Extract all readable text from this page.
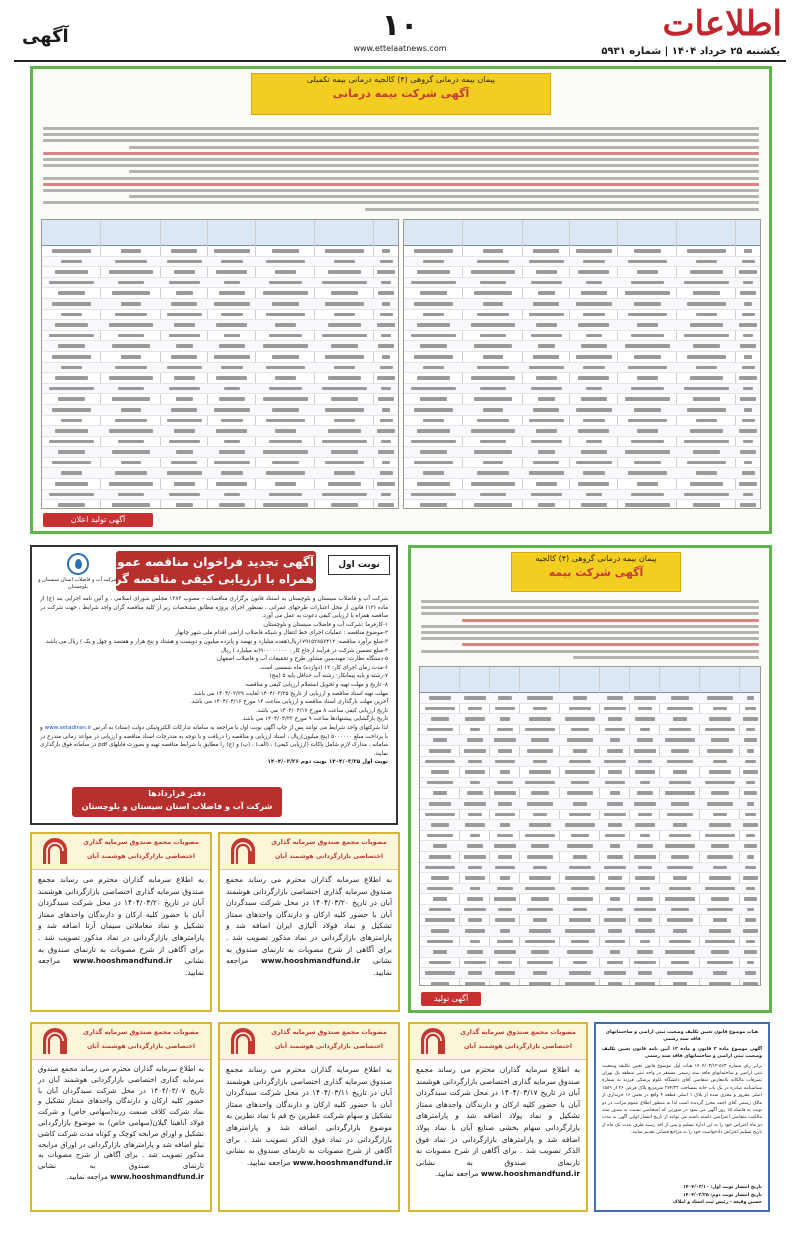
اطلاعات
۱۰
www.ettelaatnews.com
آگهی
یکشنبه ۲۵ خرداد ۱۴۰۴ | شماره ۵۹۳۱
پیمان بیمه درمانی گروهی (۴) کالجیه درمانی بیمه تکمیلی
آگهی شرکت بیمه درمانی
آگهی تولید اعلان
پیمان بیمه درمانی گروهی (۴) کالجیه
آگهی شرکت بیمه
آگهی تولید
نوبت اول
آگهی تجدید فراخوان مناقصه عمومی
همراه با ارزیابی کیفی مناقصه گران
شرکت آب و فاضلاب استان سیستان و بلوچستان

شرکت آب و فاضلاب سیستان و بلوچستان به استناد قانون برگزاری مناقصات – مصوب ۱۳۸۳ مجلس شورای اسلامی ، و آئین نامه اجرایی بند (ج) از ماده (۱۲) قانون از محل اعتبارات طرحهای عمرانی ، بمنظور اجرای پروژه مطابق مشخصات زیر از کلیه مناقصه گران واجد شرایط ، جهت شرکت در مناقصه همراه با ارزیابی کیفی دعوت به عمل می آورد.

۱-کارفرما :شرکت آب و فاضلاب سیستان و بلوچستان.

۲-موضوع مناقصه : عملیات اجرای خط انتقال و شبکه فاضلاب ازاضی اقدام ملی شهر چابهار

۳-مبلغ برآورد مناقصه: ۱۷۹۱۵۲۸۵۷۴۱۲ریال(هفده میلیارد و نهصد و پانزده میلیون و دویست و هشتاد و پنج هزار و هفتصد و چهل و یک ) ریال می باشد.

۴-مبلغ تضمین شرکت در فرآیند ارجاع کار : ۹۰۰۰۰۰۰۰۰(نه میلیارد ) ریال

۵-دستگاه نظارت: مهندسین مشاور طرح و تحقیقات آب و فاضلاب اصفهان

۶-مدت زمان اجرای کار: ۱۲ (دوازده) ماه شمسی است.

۷-رشته و پایه پیمانکار: رشته آب حداقل پایه ۵ (پنج)

۸- تاریخ و مهلت تهیه و تحویل استعلام ارزیابی کیفی و مناقصه:

مهلت تهیه اسناد مناقصه و ارزیابی از تاریخ ۱۴۰۴/۰۳/۲۵ لغایت ۱۴۰۴/۰۳/۲۹ می باشد.

آخرین مهلت بارگذاری اسناد مناقصه و ارزیابی ساعت ۱۴ مورخ ۱۴۰۴/۰۴/۱۶ می باشد.

تاریخ ارزیابی کیفی ساعت ۸ مورخ ۱۴۰۴/۰۴/۱۷ می باشد.

تاریخ بازگشایی پیشنهادها ساعت ۹ مورخ ۱۴۰۴/۰۴/۲۳ می باشد.

لذا شرکتهای واجد شرایط می توانند پس از چاپ آگهی نوبت اول با مراجعه به سامانه تدارکات الکترونیکی دولت (ستاد) به آدرس www.setadiran.ir و با پرداخت مبلغ ۵۰۰۰۰۰۰ (پنج میلیون)ریال ، اسناد ارزیابی و مناقصه را دریافت و با توجه به مندرجات اسناد مناقصه و ارزیابی در مواعد زمانی مندرج در سامانه ، مدارک لازم شامل پاکات (ارزیابی کیفی) ، (الف) ، (ب) و (ج) را مطابق با شرایط مناقصه تهیه و بصورت فایلهای pdf در سامانه فوق بارگذاری نمایند.

نوبت اول ۱۴۰۴/۰۳/۲۵ نوبت دوم ۱۴۰۴/۰۳/۲۶

دفتر قراردادها
شرکت آب و فاضلاب استان سیستان و بلوچستان
مصوبات مجمع صندوق سرمایه گذاری
اختصاصی بازارگردانی هوشمند آبان
به اطلاع سرمایه گذاران محترم می رساند مجمع صندوق سرمایه گذاری اختصاصی بازارگردانی هوشمند آبان در تاریخ ۱۴۰۴/۰۳/۲۰ در محل شرکت سبدگردان آبان با حضور کلیه ارکان و دارندگان واحدهای ممتاز تشکیل و نماد فولاد آلیاژی ایران اضافه شد و پارامترهای بازارگردانی در نماد مذکور تصویب شد . برای آگاهی از شرح مصوبات به تارنمای صندوق به نشانی www.hooshmandfund.ir مراجعه نمایید.
مصوبات مجمع صندوق سرمایه گذاری
اختصاصی بازارگردانی هوشمند آبان
به اطلاع سرمایه گذاران محترم می رساند مجمع صندوق سرمایه گذاری اختصاصی بازارگردانی هوشمند آبان در تاریخ ۱۴۰۴/۰۳/۲۰ در محل شرکت سبدگردان آبان با حضور کلیه ارکان و دارندگان واحدهای ممتاز تشکیل و نماد معاملاتی سیمان آرتا اضافه شد و پارامترهای بازارگردانی در نماد مذکور تصویب شد . برای آگاهی از شرح مصوبات به تارنمای صندوق به نشانی www.hooshmandfund.ir مراجعه نمایید.
مصوبات مجمع صندوق سرمایه گذاری
اختصاصی بازارگردانی هوشمند آبان
به اطلاع سرمایه گذاران محترم می رساند مجمع صندوق سرمایه گذاری اختصاصی بازارگردانی هوشمند آبان در تاریخ ۱۴۰۴/۰۳/۱۷ در محل شرکت سبدگردان آبان با حضور کلیه ارکان و دارندگان واحدهای ممتاز تشکیل و نماد پولاد اضافه شد و پارامترهای بازارگردانی سهام بخشی صنایع آبان با نماد پولاد اضافه شد و پارامترهای بازارگردانی در نماد فوق الذکر تصویب شد . برای آگاهی از شرح مصوبات به تارنمای صندوق به نشانی www.hooshmandfund.ir مراجعه نمایید.
مصوبات مجمع صندوق سرمایه گذاری
اختصاصی بازارگردانی هوشمند آبان
به اطلاع سرمایه گذاران محترم می رساند مجمع صندوق سرمایه گذاری اختصاصی بازارگردانی هوشمند آبان در تاریخ ۱۴۰۴/۰۳/۱۱ در محل شرکت سبدگردان آبان با حضور کلیه ارکان و دارندگان واحدهای ممتاز تشکیل و سهام شرکت عطرین نخ قم با نماد نطرین به موضوع بازارگردانی اضافه شد و پارامترهای بازارگردانی در نماد فوق الذکر تصویب شد . برای آگاهی از شرح مصوبات به تارنمای صندوق به نشانی www.hooshmandfund.ir مراجعه نمایید.
مصوبات مجمع صندوق سرمایه گذاری
اختصاصی بازارگردانی هوشمند آبان
به اطلاع سرمایه گذاران محترم می رساند مجمع صندوق سرمایه گذاری اختصاصی بازارگردانی هوشمند آبان در تاریخ ۱۴۰۴/۰۳/۰۷ در محل شرکت سبدگردان آبان با حضور کلیه ارکان و دارندگان واحدهای ممتاز تشکیل و نماد شرکت کلاف صنعت زرند(سهامی خاص) و شرکت فولاد آناهیتا گیلان(سهامی خاص) به موضوع بازارگردانی تشکیل و اوراق مرابحه کوچک و کوتاه مدت شرکت کاشی نیلو اضافه شد و پارامترهای بازارگردانی در اوراق مرابحه مذکور تصویب شد . برای آگاهی از شرح مصوبات به تارنمای صندوق به نشانی www.hooshmandfund.ir مراجعه نمایید.

هیات موضوع قانون تعیین تکلیف وضعیت ثبتی اراضی و ساختمانهای فاقد سند رسمی

آگهی موضوع ماده ۳ قانون و ماده ۱۳ آیین نامه قانون تعیین تکلیف وضعیت ثبتی اراضی و ساختمانهای فاقد سند رسمی

برابر رای شماره ۵۶۳-۱۴۰۴/۰۳/۱۲ هیات اول موضوع قانون تعیین تکلیف وضعیت ثبتی اراضی و ساختمانهای فاقد سند رسمی مستقر در واحد ثبتی منطقه یک تهران تصرفات مالکانه بلامعارض متقاضی آقای دانشگاه علوم پزشکی فرزند به شماره شناسنامه صادره در یک باب خانه بمساحت ۲۷۴/۳۲ مترمربع پلاک فرعی ۲۶ از ۱۵۸۹ اصلی مفروز و مجزی شده از پلاک ۱ اصلی قطعه ۴ واقع در بخش ۱۶ خریداری از مالک رسمی آقای احمد محرز گردیده است لذا به منظور اطلاع عموم مراتب در دو نوبت به فاصله ۱۵ روز آگهی می شود در صورتی که اشخاصی نسبت به صدور سند مالکیت متقاضی اعتراضی داشته باشند می توانند از تاریخ انتشار اولین آگهی به مدت دو ماه اعتراض خود را به این اداره تسلیم و پس از اخذ رسید ظرف مدت یک ماه از تاریخ تسلیم اعتراض دادخواست خود را به مراجع قضایی تقدیم نمایند.

تاریخ انتشار نوبت اول: ۱۴۰۴/۰۳/۱۰
تاریخ انتشار نوبت دوم: ۱۴۰۴/۰۳/۲۵
حسین وفیعه - رئیس ثبت اسناد و املاک
